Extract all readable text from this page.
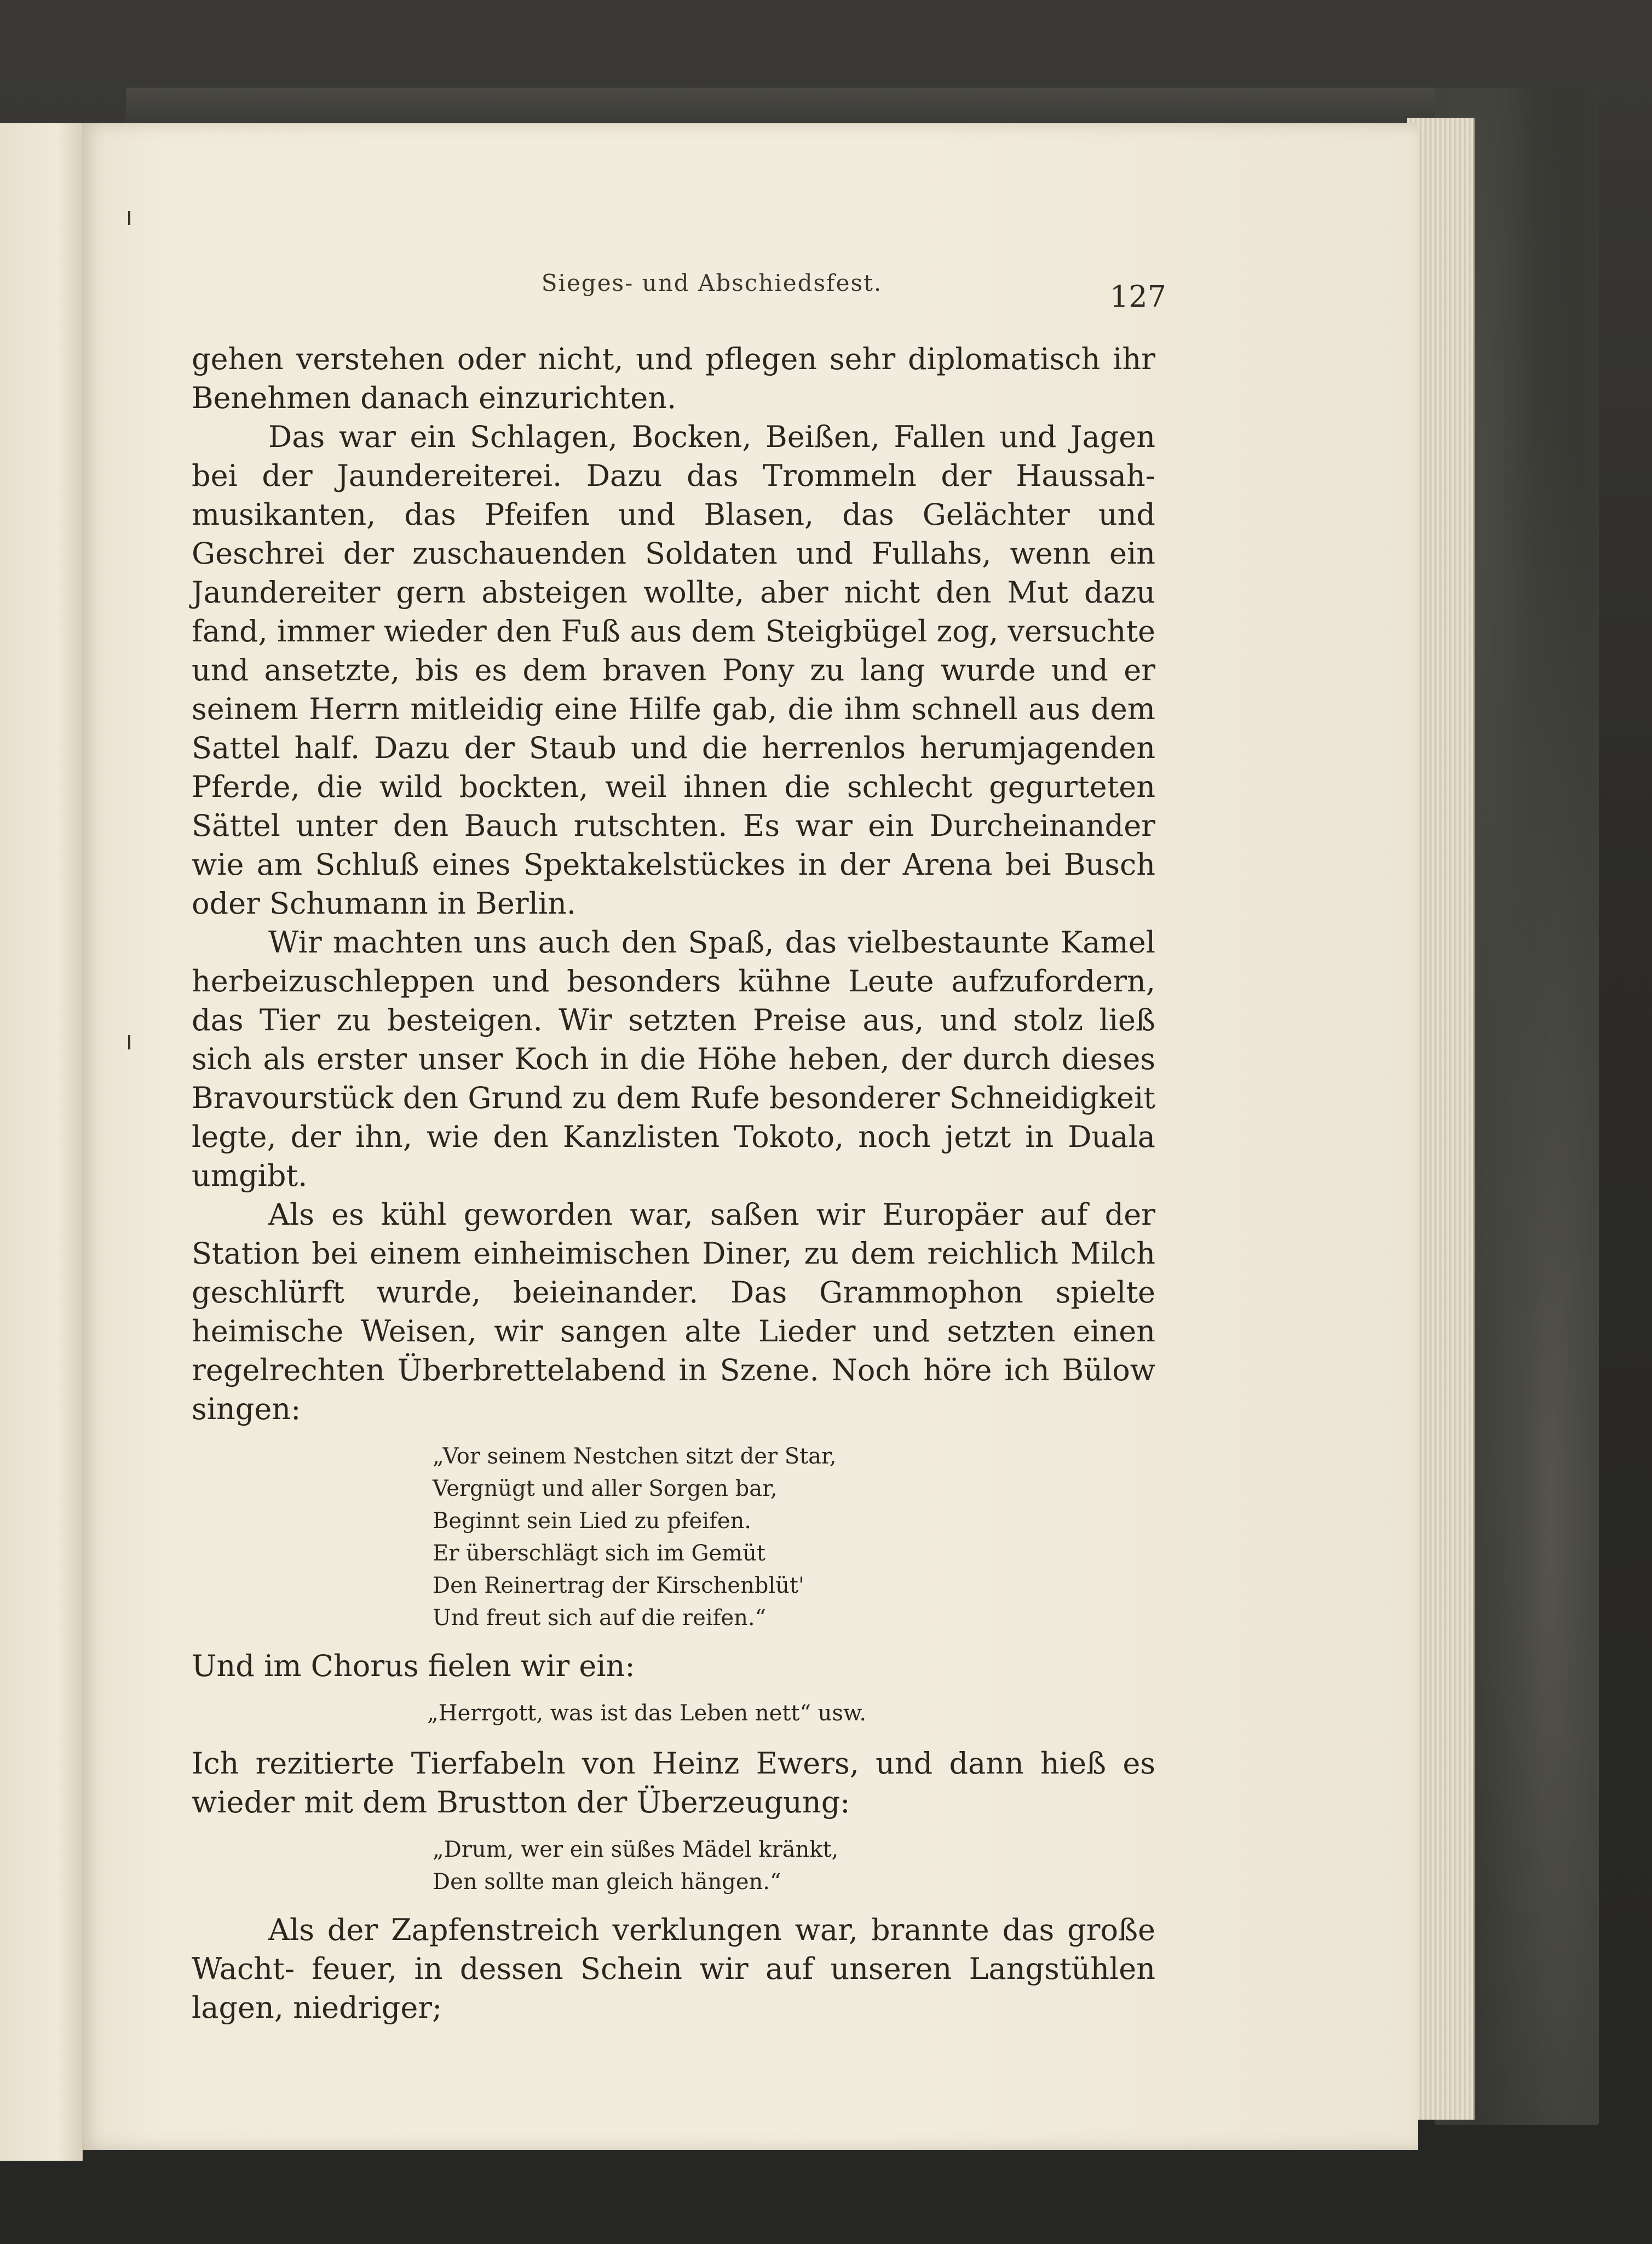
Sieges- und Abschiedsfest.	127

gehen verstehen oder nicht, und pflegen sehr diplomatisch ihr Benehmen danach einzurichten.

Das war ein Schlagen, Bocken, Beißen, Fallen und Jagen bei der Jaundereiterei. Dazu das Trommeln der Haussah- musikanten, das Pfeifen und Blasen, das Gelächter und Geschrei der zuschauenden Soldaten und Fullahs, wenn ein Jaundereiter gern absteigen wollte, aber nicht den Mut dazu fand, immer wieder den Fuß aus dem Steigbügel zog, versuchte und ansetzte, bis es dem braven Pony zu lang wurde und er seinem Herrn mitleidig eine Hilfe gab, die ihm schnell aus dem Sattel half. Dazu der Staub und die herrenlos herumjagenden Pferde, die wild bockten, weil ihnen die schlecht gegurteten Sättel unter den Bauch rutschten. Es war ein Durcheinander wie am Schluß eines Spektakelstückes in der Arena bei Busch oder Schumann in Berlin.

Wir machten uns auch den Spaß, das vielbestaunte Kamel herbeizuschleppen und besonders kühne Leute aufzufordern, das Tier zu besteigen. Wir setzten Preise aus, und stolz ließ sich als erster unser Koch in die Höhe heben, der durch dieses Bravourstück den Grund zu dem Rufe besonderer Schneidigkeit legte, der ihn, wie den Kanzlisten Tokoto, noch jetzt in Duala umgibt.

Als es kühl geworden war, saßen wir Europäer auf der Station bei einem einheimischen Diner, zu dem reichlich Milch geschlürft wurde, beieinander. Das Grammophon spielte heimische Weisen, wir sangen alte Lieder und setzten einen regelrechten Überbrettelabend in Szene. Noch höre ich Bülow singen:

„Vor seinem Nestchen sitzt der Star,
Vergnügt und aller Sorgen bar,
Beginnt sein Lied zu pfeifen.
Er überschlägt sich im Gemüt
Den Reinertrag der Kirschenblüt'
Und freut sich auf die reifen.“

Und im Chorus fielen wir ein:

„Herrgott, was ist das Leben nett“ usw.

Ich rezitierte Tierfabeln von Heinz Ewers, und dann hieß es wieder mit dem Brustton der Überzeugung:

„Drum, wer ein süßes Mädel kränkt,
Den sollte man gleich hängen.“

Als der Zapfenstreich verklungen war, brannte das große Wacht- feuer, in dessen Schein wir auf unseren Langstühlen lagen, niedriger;
